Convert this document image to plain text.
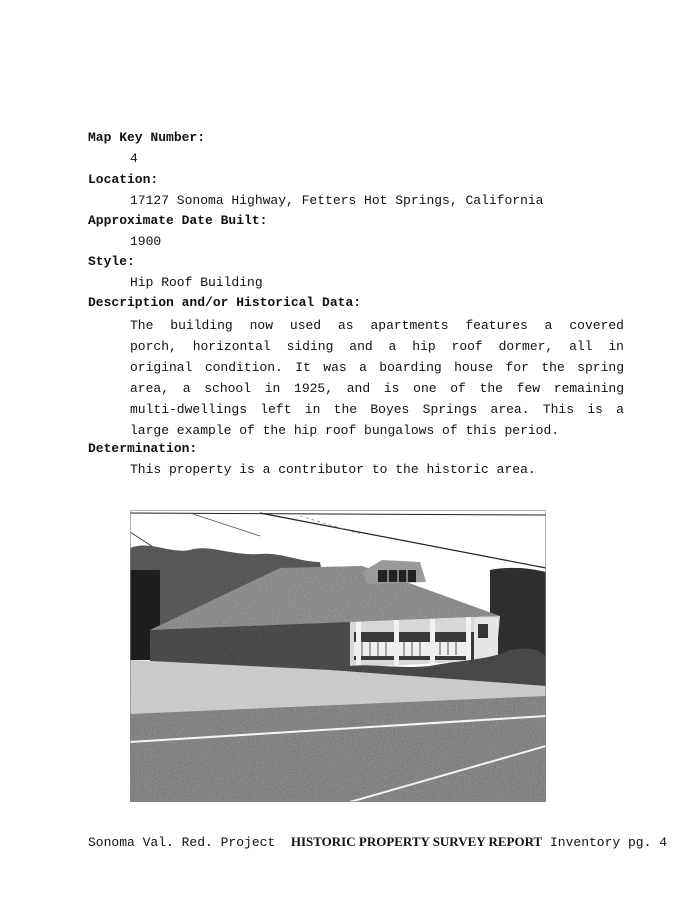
Map Key Number:
4
Location:
17127 Sonoma Highway, Fetters Hot Springs, California
Approximate Date Built:
1900
Style:
Hip Roof Building
Description and/or Historical Data:
The building now used as apartments features a covered
porch, horizontal siding and a hip roof dormer, all in
original condition. It was a boarding house for the spring
area, a school in 1925, and is one of the few remaining
multi-dwellings left in the Boyes Springs area. This is a
large example of the hip roof bungalows of this period.
Determination:
This property is a contributor to the historic area.
Sonoma Val. Red. Project HISTORIC PROPERTY SURVEY REPORT Inventory pg. 4
